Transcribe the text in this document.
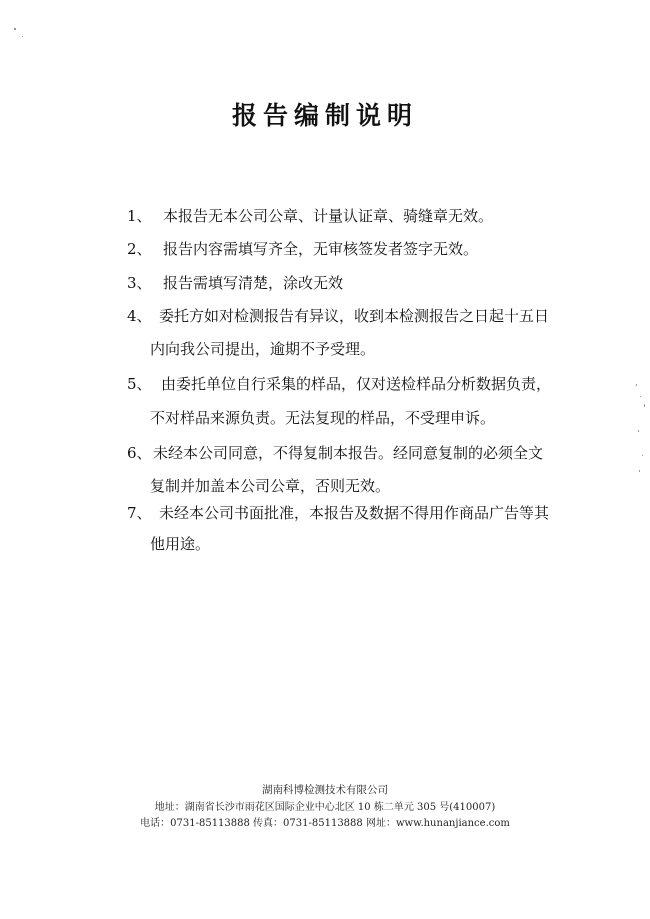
报告编制说明
1、 本报告无本公司公章、计量认证章、骑缝章无效。
2、 报告内容需填写齐全，无审核签发者签字无效。
3、 报告需填写清楚，涂改无效
4、 委托方如对检测报告有异议，收到本检测报告之日起十五日
内向我公司提出，逾期不予受理。
5、 由委托单位自行采集的样品，仅对送检样品分析数据负责，
不对样品来源负责。无法复现的样品，不受理申诉。
6、 未经本公司同意，不得复制本报告。经同意复制的必须全文
复制并加盖本公司公章，否则无效。
7、 未经本公司书面批准，本报告及数据不得用作商品广告等其
他用途。
湖南科博检测技术有限公司
地址：湖南省长沙市雨花区国际企业中心北区 10 栋二单元 305 号(410007)
电话：0731-85113888 传真：0731-85113888 网址：www.hunanjiance.com
